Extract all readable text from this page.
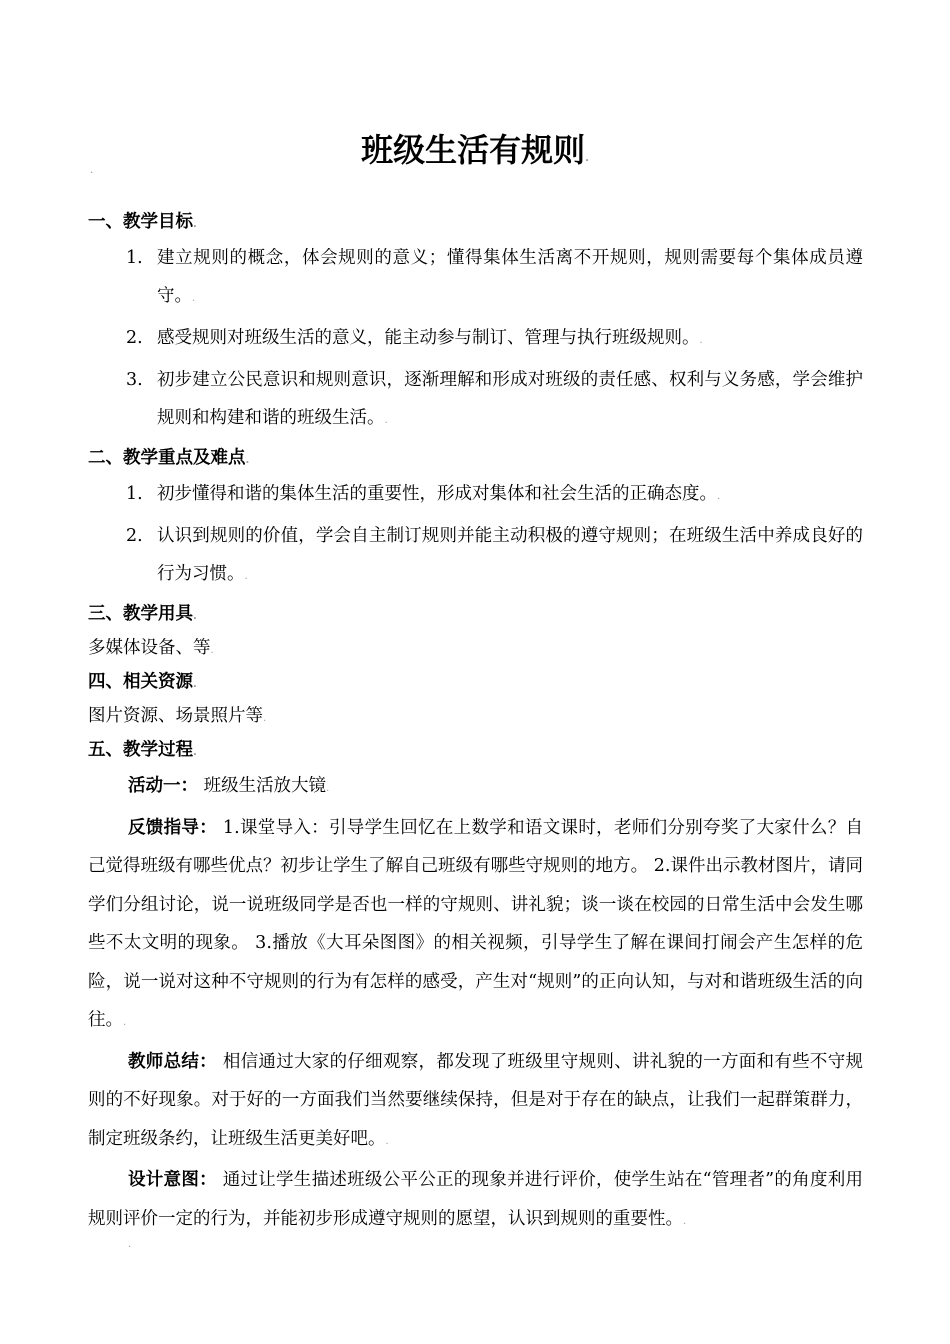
班级生活有规则.
·
一、教学目标.
1. 建立规则的概念，体会规则的意义；懂得集体生活离不开规则，规则需要每个集体成员遵守。.
2. 感受规则对班级生活的意义，能主动参与制订、管理与执行班级规则。.
3. 初步建立公民意识和规则意识，逐渐理解和形成对班级的责任感、权利与义务感，学会维护规则和构建和谐的班级生活。.
二、教学重点及难点.
1. 初步懂得和谐的集体生活的重要性，形成对集体和社会生活的正确态度。.
2. 认识到规则的价值，学会自主制订规则并能主动积极的遵守规则；在班级生活中养成良好的行为习惯。.
三、教学用具.
多媒体设备、等.
四、相关资源.
图片资源、场景照片等.
五、教学过程.
活动一： 班级生活放大镜.
反馈指导： 1.课堂导入：引导学生回忆在上数学和语文课时，老师们分别夸奖了大家什么？自己觉得班级有哪些优点？初步让学生了解自己班级有哪些守规则的地方。 2.课件出示教材图片，请同学们分组讨论，说一说班级同学是否也一样的守规则、讲礼貌；谈一谈在校园的日常生活中会发生哪些不太文明的现象。 3.播放《大耳朵图图》的相关视频，引导学生了解在课间打闹会产生怎样的危险，说一说对这种不守规则的行为有怎样的感受，产生对“规则”的正向认知，与对和谐班级生活的向往。.
教师总结： 相信通过大家的仔细观察，都发现了班级里守规则、讲礼貌的一方面和有些不守规则的不好现象。对于好的一方面我们当然要继续保持，但是对于存在的缺点，让我们一起群策群力，制定班级条约，让班级生活更美好吧。.
设计意图： 通过让学生描述班级公平公正的现象并进行评价，使学生站在“管理者”的角度利用规则评价一定的行为，并能初步形成遵守规则的愿望，认识到规则的重要性。.
·
